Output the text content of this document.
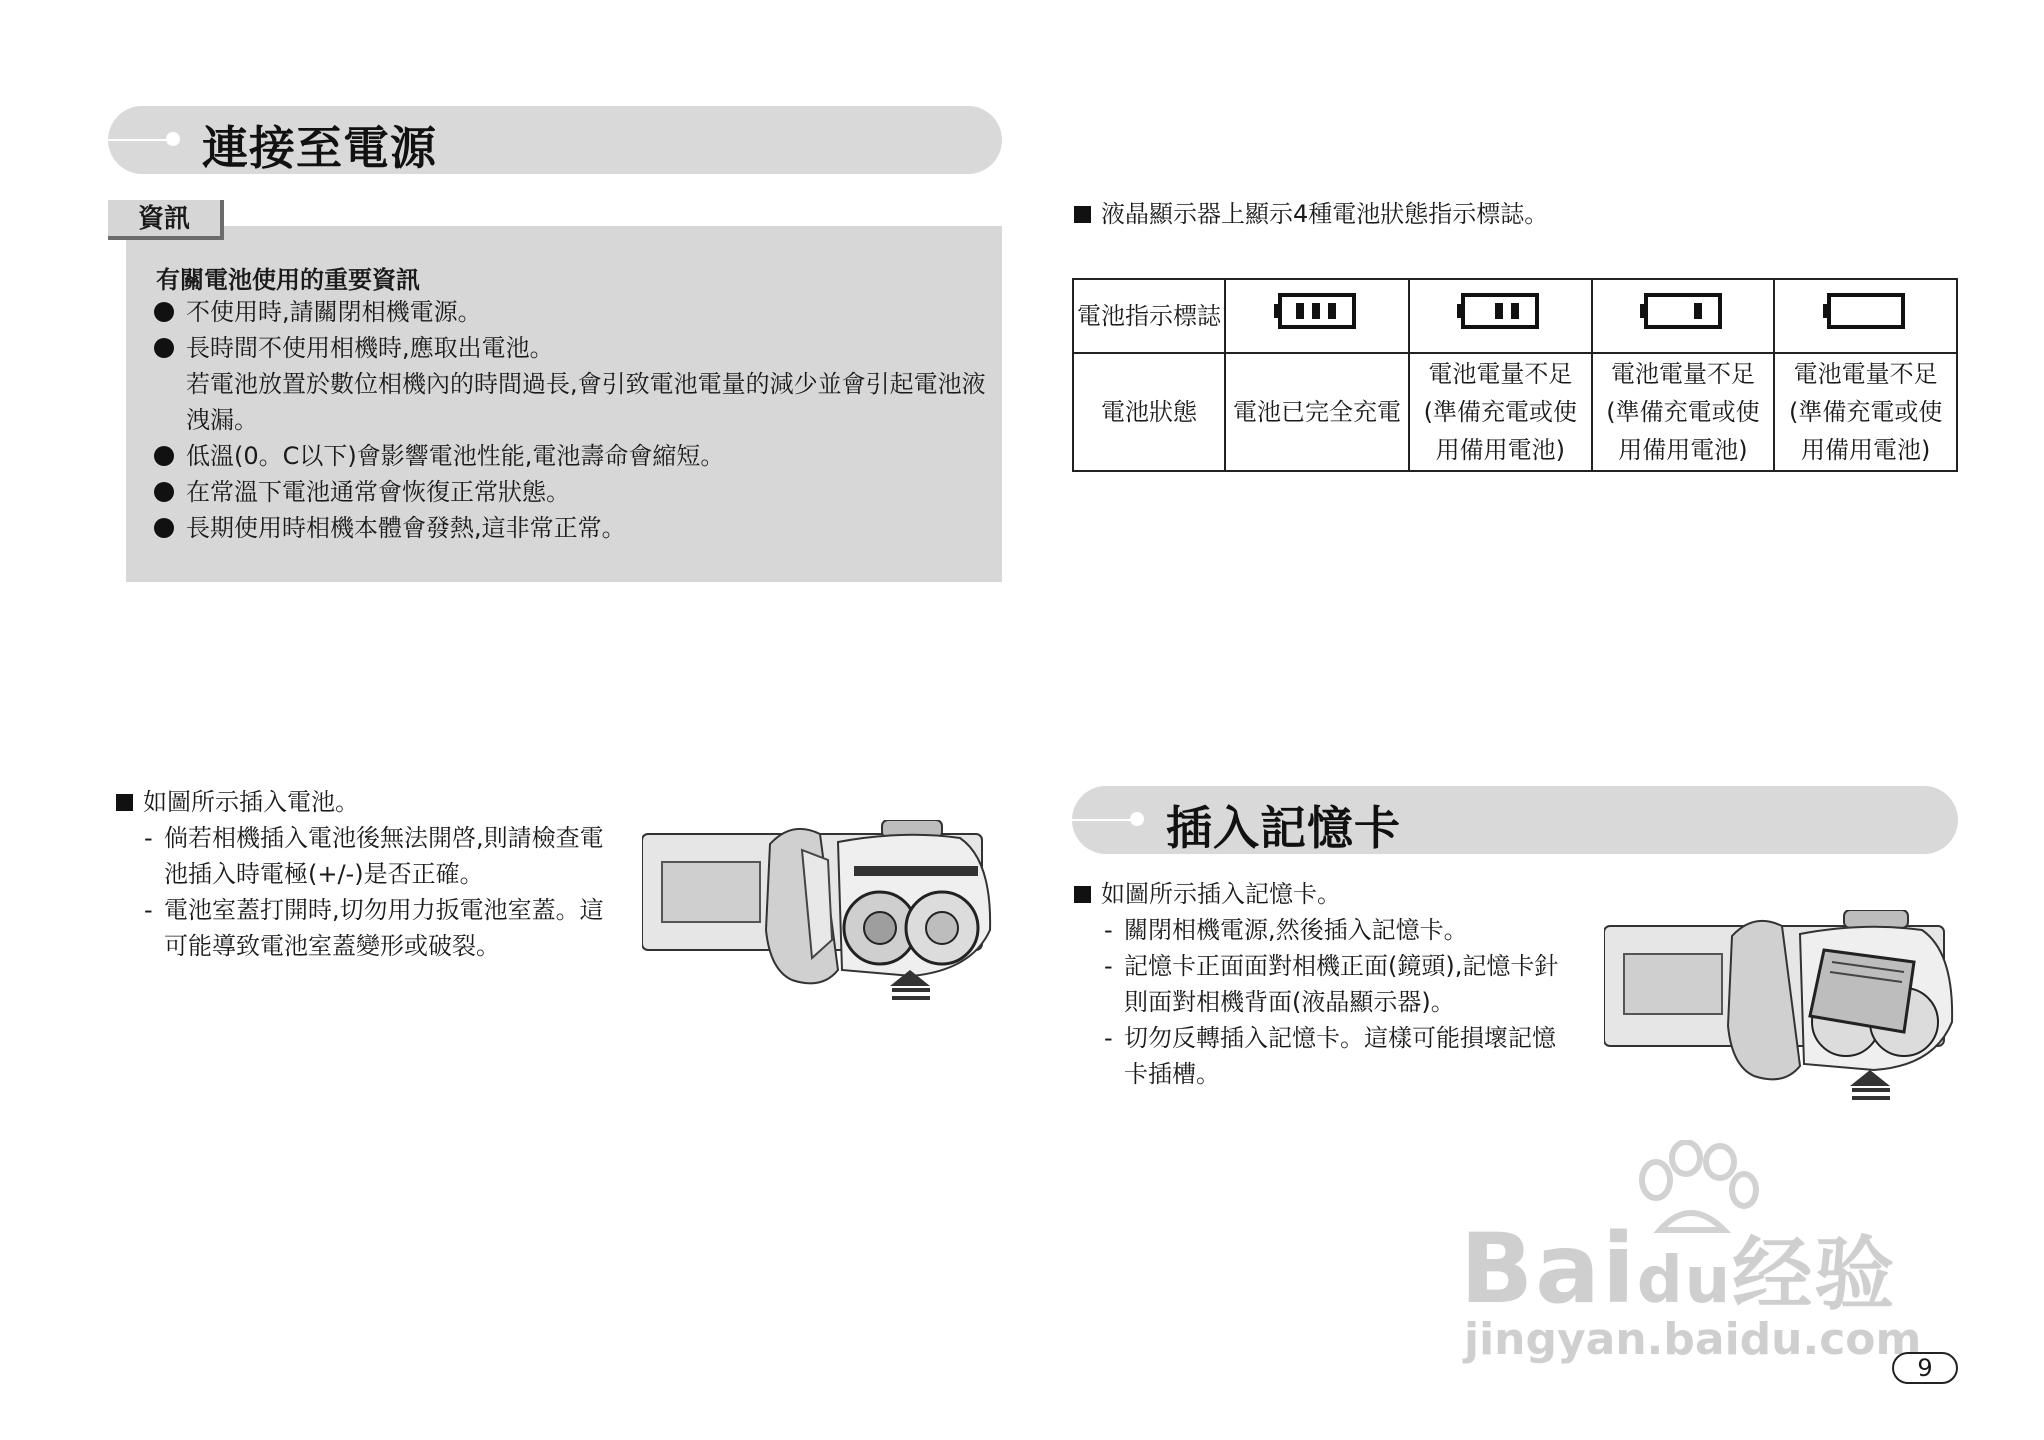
連接至電源
有關電池使用的重要資訊
不使用時,請關閉相機電源。
長時間不使用相機時,應取出電池。
若電池放置於數位相機內的時間過長,會引致電池電量的減少並會引起電池液洩漏。
低溫(0。C以下)會影響電池性能,電池壽命會縮短。
在常溫下電池通常會恢復正常狀態。
長期使用時相機本體會發熱,這非常正常。
資訊	液晶顯示器上顯示4種電池狀態指示標誌。
電池指示標誌				
電池狀態	電池已完全充電	電池電量不足(準備充電或使用備用電池)	電池電量不足(準備充電或使用備用電池)	電池電量不足(準備充電或使用備用電池)
如圖所示插入電池。
- 倘若相機插入電池後無法開啓,則請檢查電池插入時電極(+/-)是否正確。
- 電池室蓋打開時,切勿用力扳電池室蓋。這可能導致電池室蓋變形或破裂。
插入記憶卡
如圖所示插入記憶卡。
- 關閉相機電源,然後插入記憶卡。
- 記憶卡正面面對相機正面(鏡頭),記憶卡針則面對相機背面(液晶顯示器)。
- 切勿反轉插入記憶卡。這樣可能損壞記憶卡插槽。
Baidu经验
jingyan.baidu.com
9
